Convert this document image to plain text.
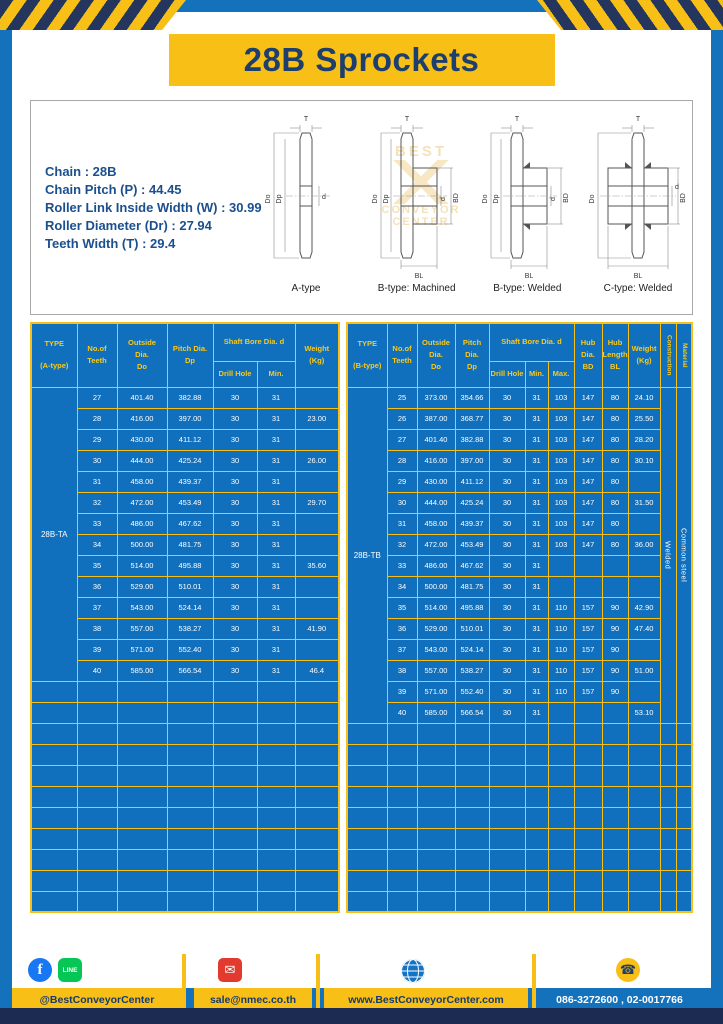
28B Sprockets
BEST
CONVEYOR
CENTER
Chain : 28B
Chain Pitch (P) : 44.45
Roller Link Inside Width (W) : 30.99
Roller Diameter (Dr) : 27.94
Teeth Width (T) : 29.4
T
Do Dp	d
A-type
T
Do Dp	d BD
BL
B-type: Machined
T
Do Dp	d BD
BL
B-type: Welded
T
Do
d
BD
BL
C-type: Welded
TYPE
(A-type)

No.of
Teeth

Outside
Dia.
Do

Pitch Dia.
Dp
	Shaft Bore Dia. d	
Weight
(Kg)

				Drill Hole	Min.	
28B-TA	27	401.40	382.88	30	31	
	28	416.00	397.00	30	31	23.00
	29	430.00	411.12	30	31	
	30	444.00	425.24	30	31	26.00
	31	458.00	439.37	30	31	
	32	472.00	453.49	30	31	29.70
	33	486.00	467.62	30	31	
	34	500.00	481.75	30	31	
	35	514.00	495.88	30	31	35.60
	36	529.00	510.01	30	31	
	37	543.00	524.14	30	31	
	38	557.00	538.27	30	31	41.90
	39	571.00	552.40	30	31	
	40	585.00	566.54	30	31	46.4

TYPE
(B-type)

No.of
Teeth

Outside
Dia.
Do

Pitch Dia.
Dp
	Shaft Bore Dia. d	Hub Dia.
BD

Hub
Length
BL

Weight
(Kg)	Construction	Material
				Drill Hole	Min.	Max.					
28B-TB	25	373.00	354.66	30	31	103	147	80	24.10	Welded	Common steel
	26	387.00	368.77	30	31	103	147	80	25.50		
	27	401.40	382.88	30	31	103	147	80	28.20		
	28	416.00	397.00	30	31	103	147	80	30.10		
	29	430.00	411.12	30	31	103	147	80			
	30	444.00	425.24	30	31	103	147	80	31.50		
	31	458.00	439.37	30	31	103	147	80			
	32	472.00	453.49	30	31	103	147	80	36.00		
	33	486.00	467.62	30	31						
	34	500.00	481.75	30	31						
	35	514.00	495.88	30	31	110	157	90	42.90		
	36	529.00	510.01	30	31	110	157	90	47.40		
	37	543.00	524.14	30	31	110	157	90			
	38	557.00	538.27	30	31	110	157	90	51.00		
	39	571.00	552.40	30	31	110	157	90			
	40	585.00	566.54	30	31				53.10		

f	LINE	✉	☎
@BestConveyorCenter	sale@nmec.co.th	www.BestConveyorCenter.com	086-3272600 , 02-0017766
